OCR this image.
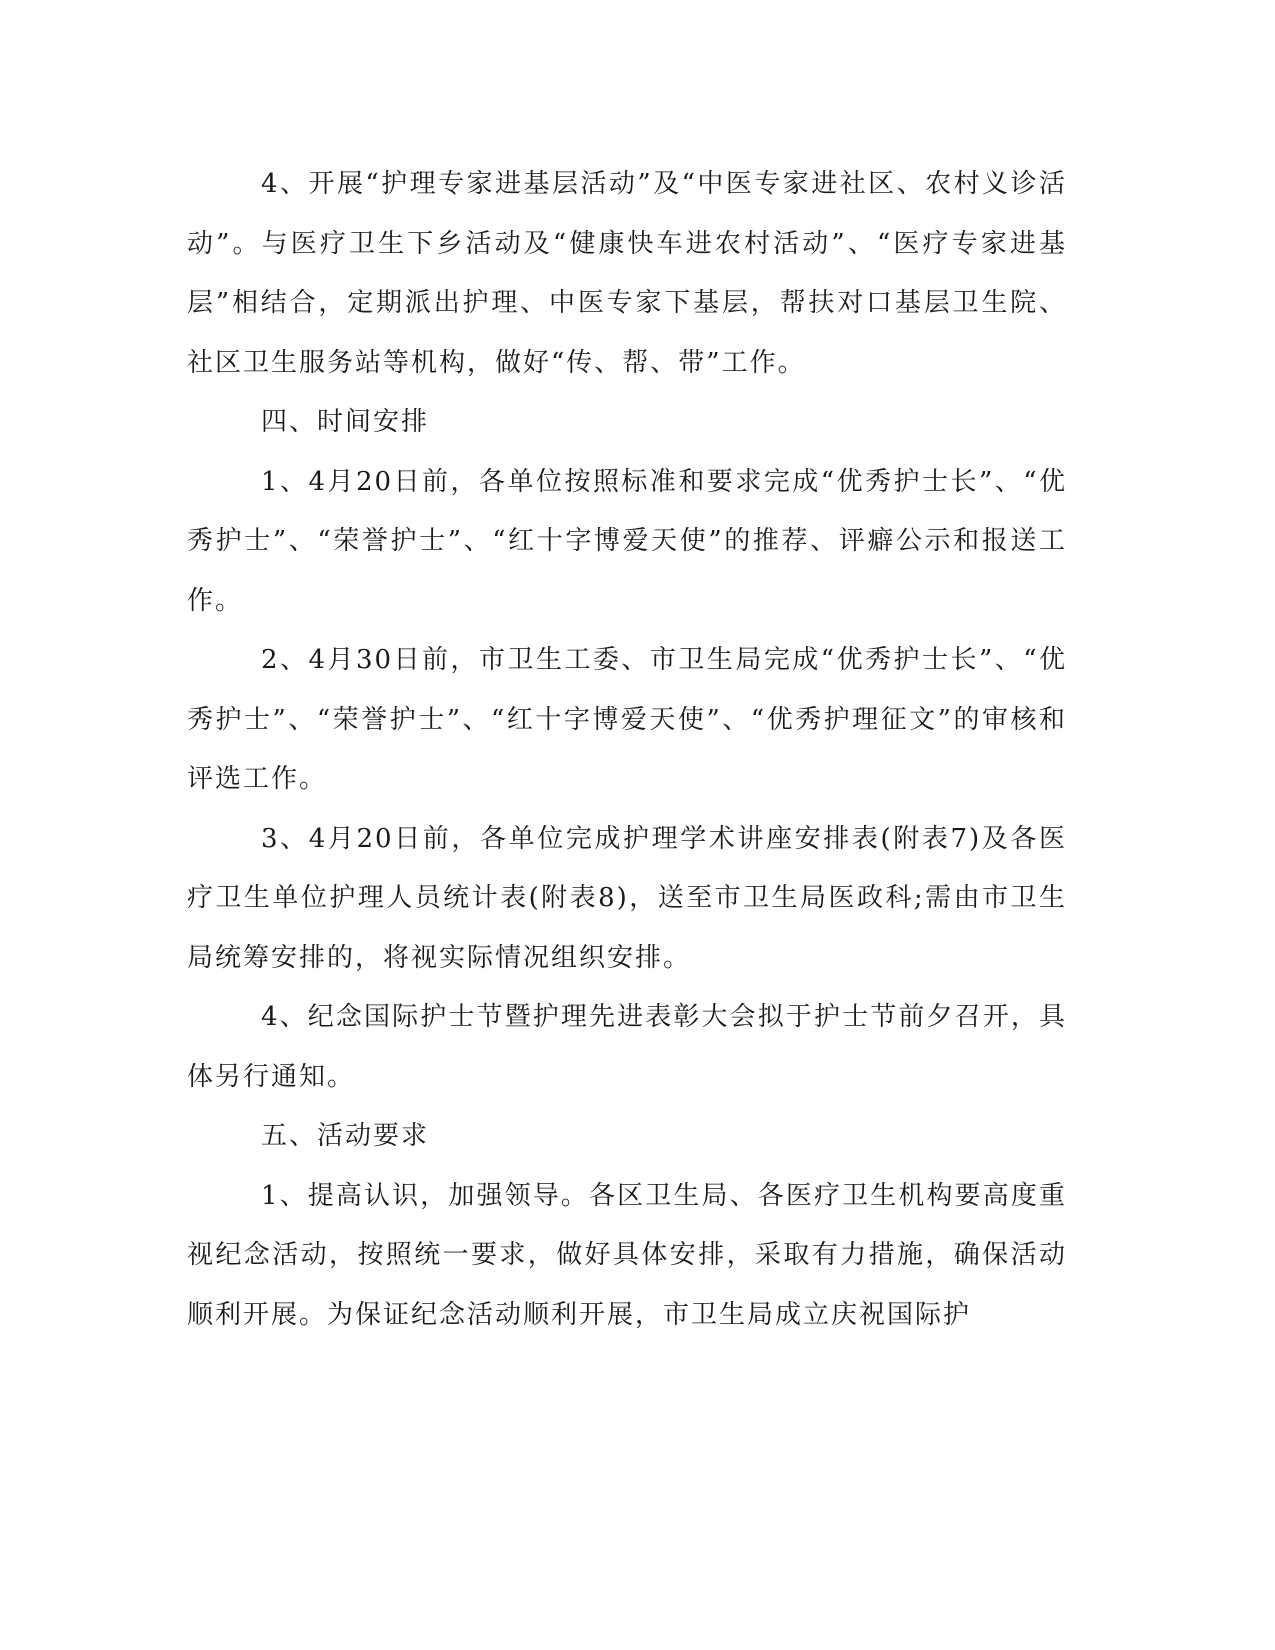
4、开展“护理专家进基层活动”及“中医专家进社区、农村义诊活动”。与医疗卫生下乡活动及“健康快车进农村活动”、“医疗专家进基层”相结合，定期派出护理、中医专家下基层，帮扶对口基层卫生院、社区卫生服务站等机构，做好“传、帮、带”工作。

四、时间安排

1、4月20日前，各单位按照标准和要求完成“优秀护士长”、“优秀护士”、“荣誉护士”、“红十字博爱天使”的推荐、评癖公示和报送工作。

2、4月30日前，市卫生工委、市卫生局完成“优秀护士长”、“优秀护士”、“荣誉护士”、“红十字博爱天使”、“优秀护理征文”的审核和评选工作。

3、4月20日前，各单位完成护理学术讲座安排表(附表7)及各医疗卫生单位护理人员统计表(附表8)，送至市卫生局医政科;需由市卫生局统筹安排的，将视实际情况组织安排。

4、纪念国际护士节暨护理先进表彰大会拟于护士节前夕召开，具体另行通知。

五、活动要求

1、提高认识，加强领导。各区卫生局、各医疗卫生机构要高度重视纪念活动，按照统一要求，做好具体安排，采取有力措施，确保活动顺利开展。为保证纪念活动顺利开展，市卫生局成立庆祝国际护
